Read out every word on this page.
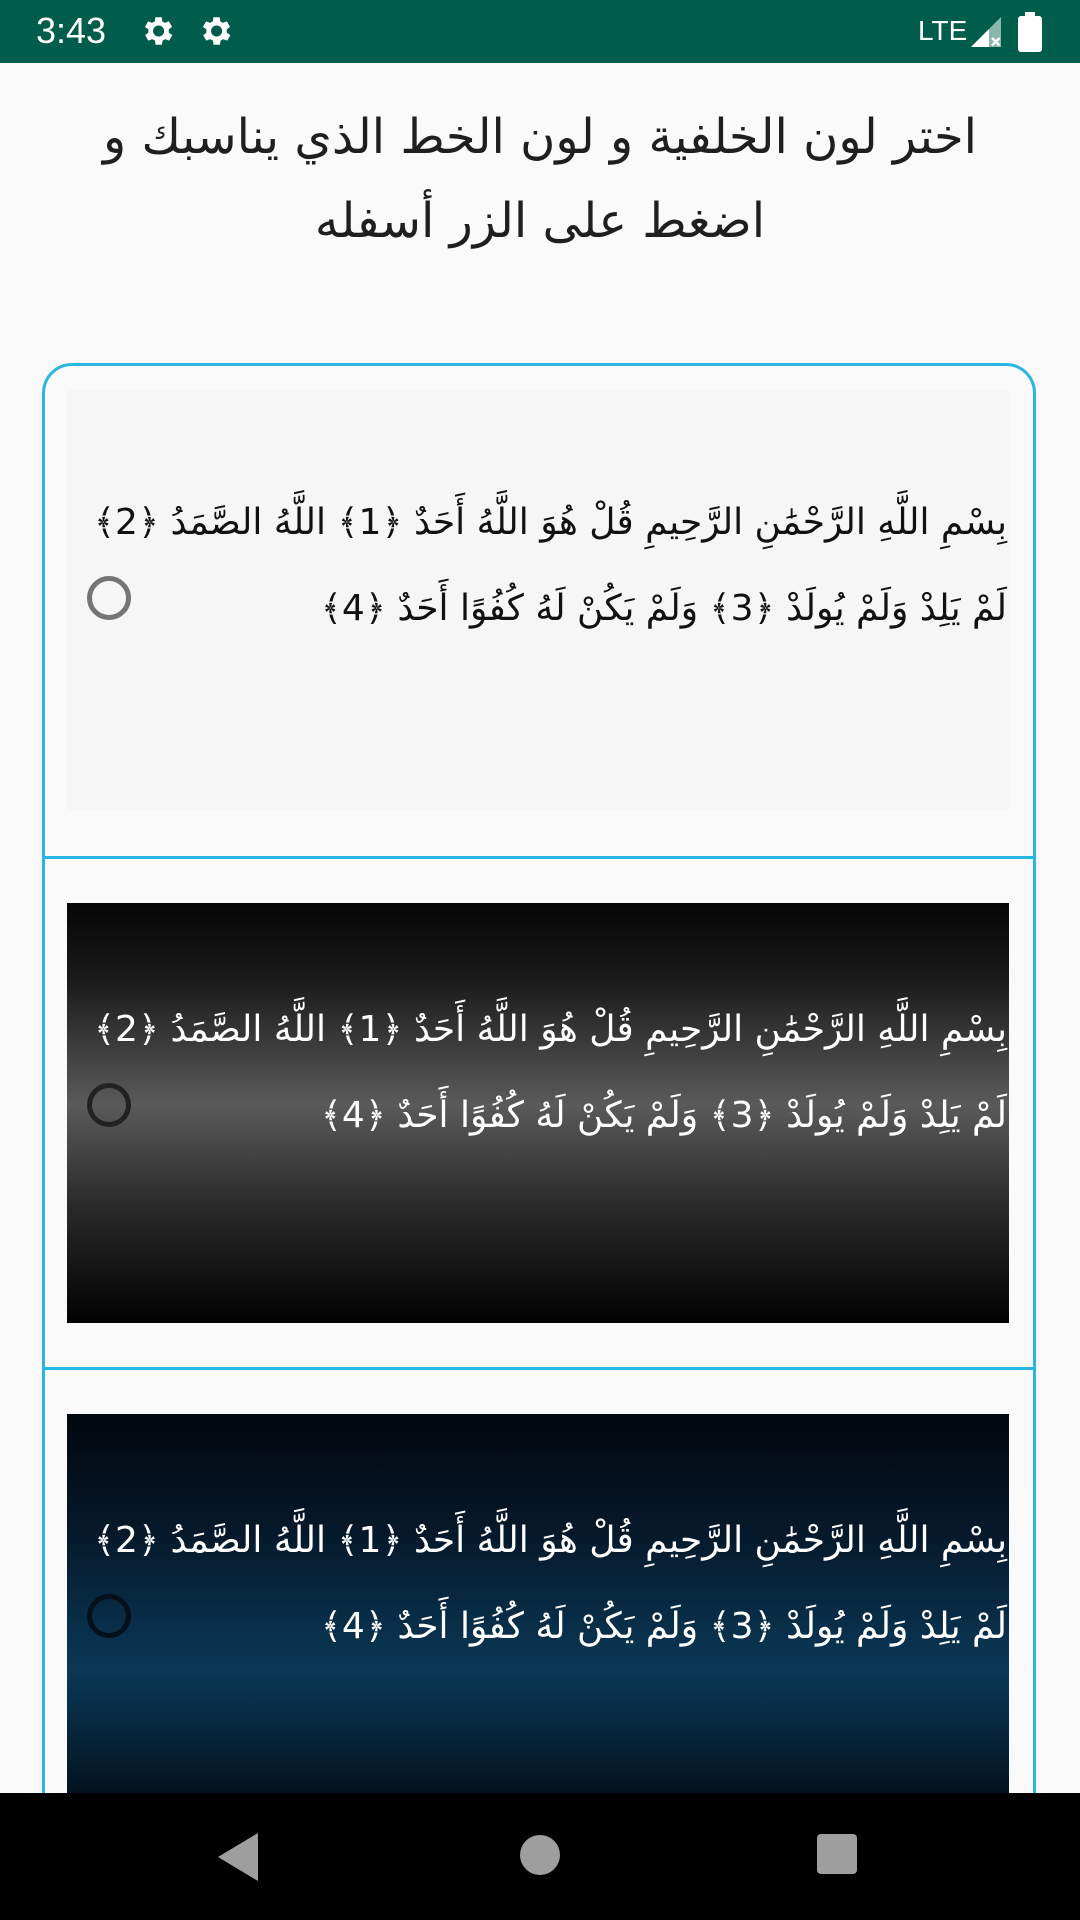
3:43	LTE
اختر لون الخلفية و لون الخط الذي يناسبك و اضغط على الزر أسفله
بِسْمِ اللَّهِ الرَّحْمَٰنِ الرَّحِيمِ قُلْ هُوَ اللَّهُ أَحَدٌ ﴿1﴾ اللَّهُ الصَّمَدُ ﴿2﴾ لَمْ يَلِدْ وَلَمْ يُولَدْ ﴿3﴾ وَلَمْ يَكُنْ لَهُ كُفُوًا أَحَدٌ ﴿4﴾
بِسْمِ اللَّهِ الرَّحْمَٰنِ الرَّحِيمِ قُلْ هُوَ اللَّهُ أَحَدٌ ﴿1﴾ اللَّهُ الصَّمَدُ ﴿2﴾ لَمْ يَلِدْ وَلَمْ يُولَدْ ﴿3﴾ وَلَمْ يَكُنْ لَهُ كُفُوًا أَحَدٌ ﴿4﴾
بِسْمِ اللَّهِ الرَّحْمَٰنِ الرَّحِيمِ قُلْ هُوَ اللَّهُ أَحَدٌ ﴿1﴾ اللَّهُ الصَّمَدُ ﴿2﴾ لَمْ يَلِدْ وَلَمْ يُولَدْ ﴿3﴾ وَلَمْ يَكُنْ لَهُ كُفُوًا أَحَدٌ ﴿4﴾
